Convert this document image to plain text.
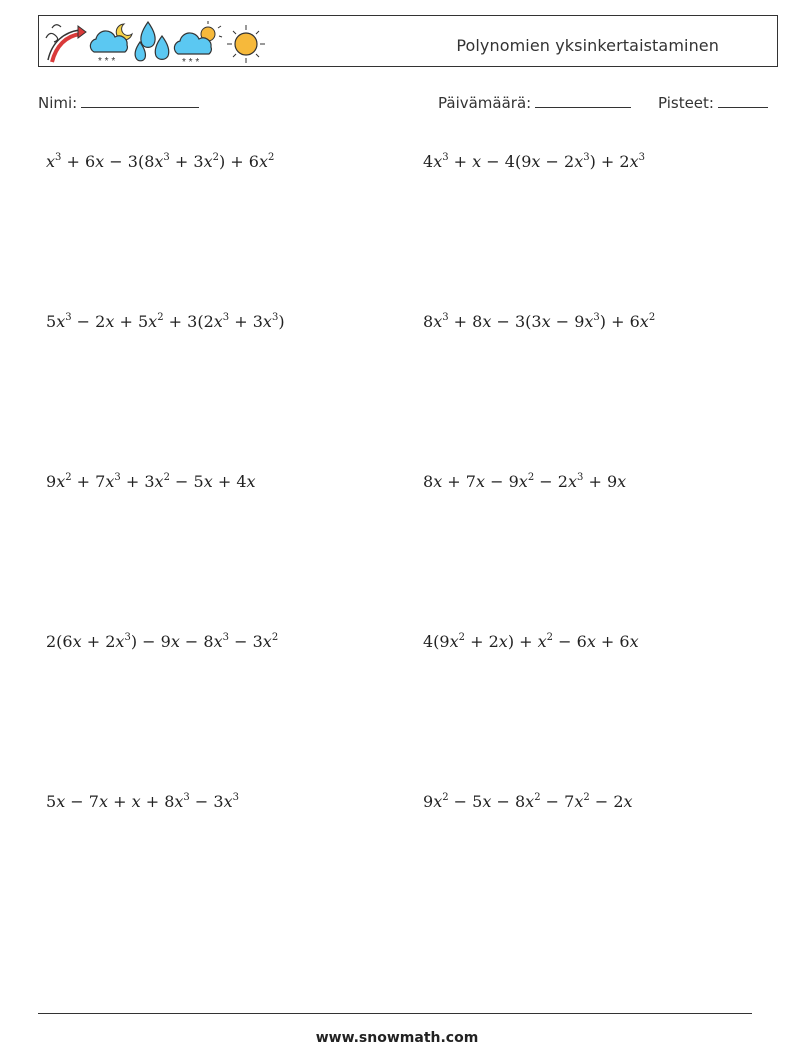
* * *	* * *
Polynomien yksinkertaistaminen
Nimi:	Päivämäärä:	Pisteet:
$x^3 + 6x - 3(8x^3 + 3x^2) + 6x^2$	$4x^3 + x - 4(9x - 2x^3) + 2x^3$
$5x^3 - 2x + 5x^2 + 3(2x^3 + 3x^3)$	$8x^3 + 8x - 3(3x - 9x^3) + 6x^2$
$9x^2 + 7x^3 + 3x^2 - 5x + 4x$	$8x + 7x - 9x^2 - 2x^3 + 9x$
$2(6x + 2x^3) - 9x - 8x^3 - 3x^2$	$4(9x^2 + 2x) + x^2 - 6x + 6x$
$5x - 7x + x + 8x^3 - 3x^3$	$9x^2 - 5x - 8x^2 - 7x^2 - 2x$
www.snowmath.com
